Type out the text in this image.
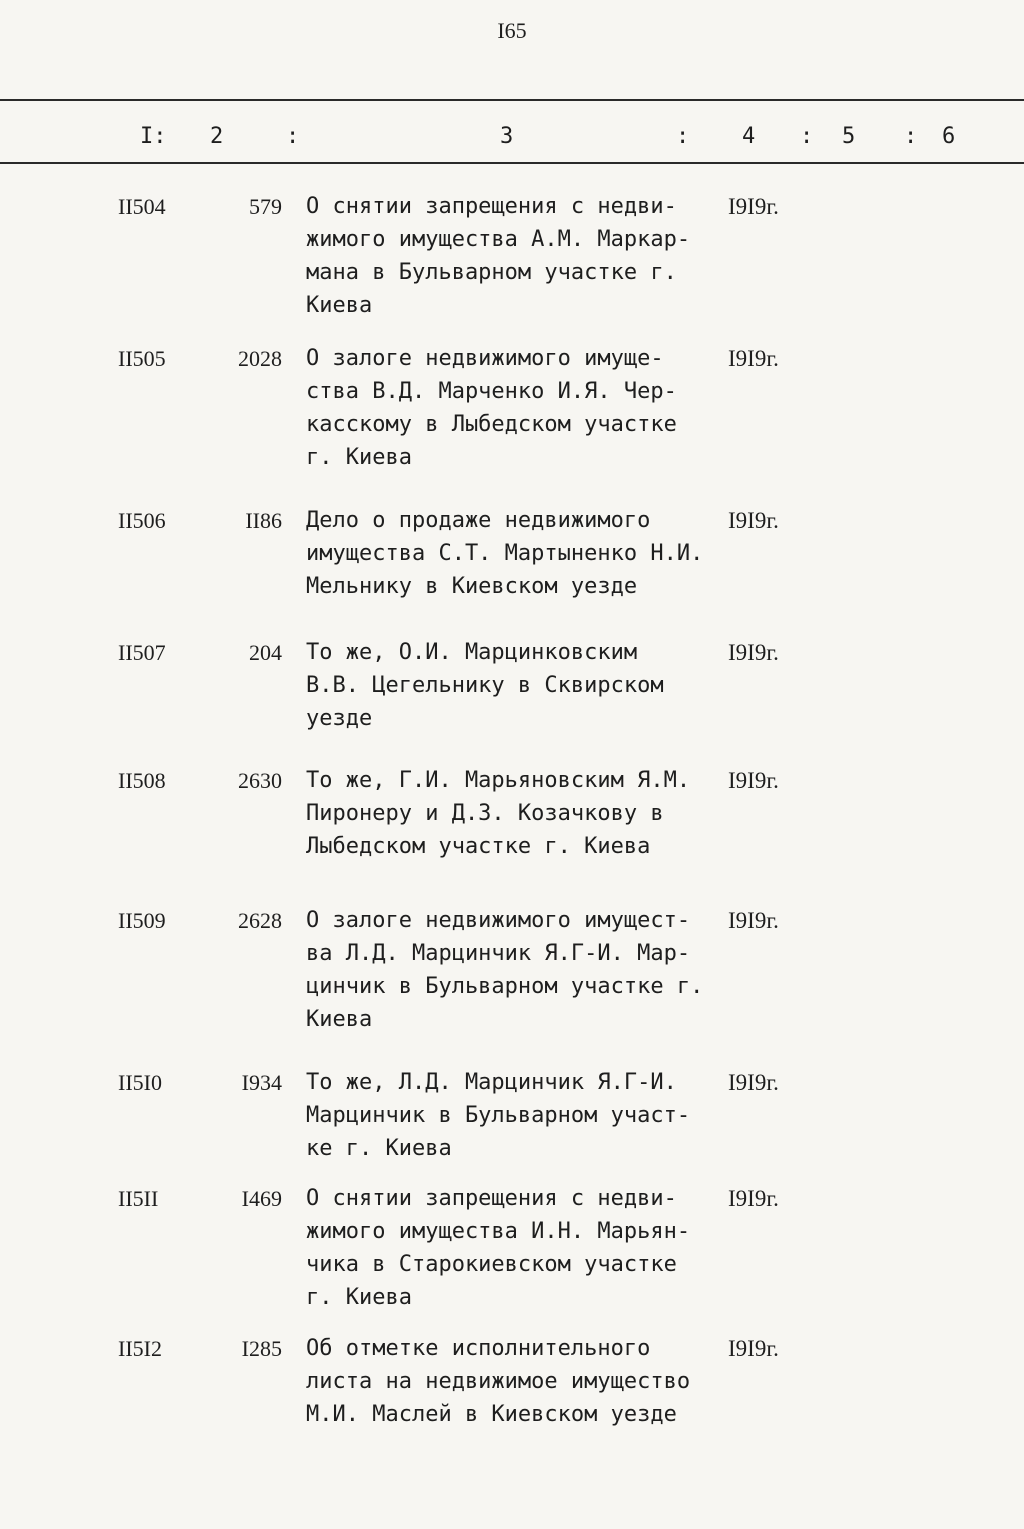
I65
I: 2	:	3	: 4 : 5 : 6
II504	579 О снятии запрещения с недви-
жимого имущества А.М. Маркар-
мана в Бульварном участке г.
Киева
I9I9г.
II505	2028 О залоге недвижимого имуще-
ства В.Д. Марченко И.Я. Чер-
касскому в Лыбедском участке
г. Киева
I9I9г.
II506	II86 Дело о продаже недвижимого
имущества С.Т. Мартыненко Н.И.
Мельнику в Киевском уезде
I9I9г.
II507	204 То же, О.И. Марцинковским
В.В. Цегельнику в Сквирском
уезде
I9I9г.
II508	2630 То же, Г.И. Марьяновским Я.М.
Пиронеру и Д.З. Козачкову в
Лыбедском участке г. Киева
I9I9г.
II509	2628 О залоге недвижимого имущест-
ва Л.Д. Марцинчик Я.Г-И. Мар-
цинчик в Бульварном участке г.
Киева
I9I9г.
II5I0	I934 То же, Л.Д. Марцинчик Я.Г-И.
Марцинчик в Бульварном участ-
ке г. Киева
I9I9г.
II5II	I469 О снятии запрещения с недви-
жимого имущества И.Н. Марьян-
чика в Старокиевском участке
г. Киева
I9I9г.
II5I2	I285 Об отметке исполнительного
листа на недвижимое имущество
М.И. Маслей в Киевском уезде
I9I9г.
